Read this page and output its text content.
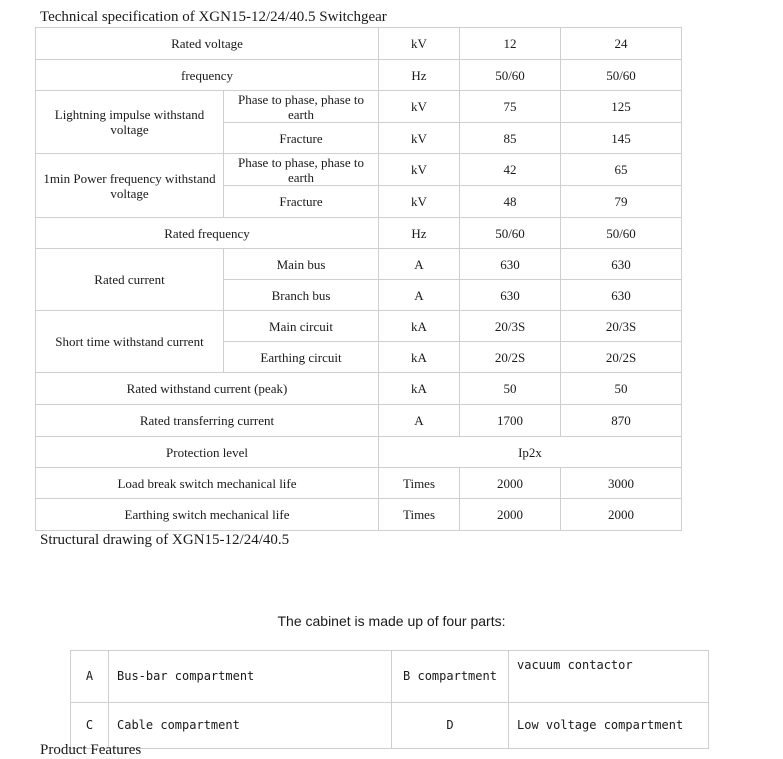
Technical specification of XGN15-12/24/40.5 Switchgear
Rated voltage		kV	12	24
frequency		Hz	50/60	50/60
Lightning impulse withstand voltage	Phase to phase, phase to earth	kV	75	125
	Fracture	kV	85	145
1min Power frequency withstand voltage	Phase to phase, phase to earth	kV	42	65
	Fracture	kV	48	79
Rated frequency		Hz	50/60	50/60
Rated current	Main bus	A	630	630
	Branch bus	A	630	630
Short time withstand current	Main circuit	kA	20/3S	20/3S
	Earthing circuit	kA	20/2S	20/2S
Rated withstand current (peak)		kA	50	50
Rated transferring current		A	1700	870
Protection level		Ip2x		
Load break switch mechanical life		Times	2000	3000
Earthing switch mechanical life		Times	2000	2000
Structural drawing of XGN15-12/24/40.5
The cabinet is made up of four parts:
A	Bus-bar compartment	B compartment	vacuum contactor
C	Cable compartment	D	Low voltage compartment
Product Features
